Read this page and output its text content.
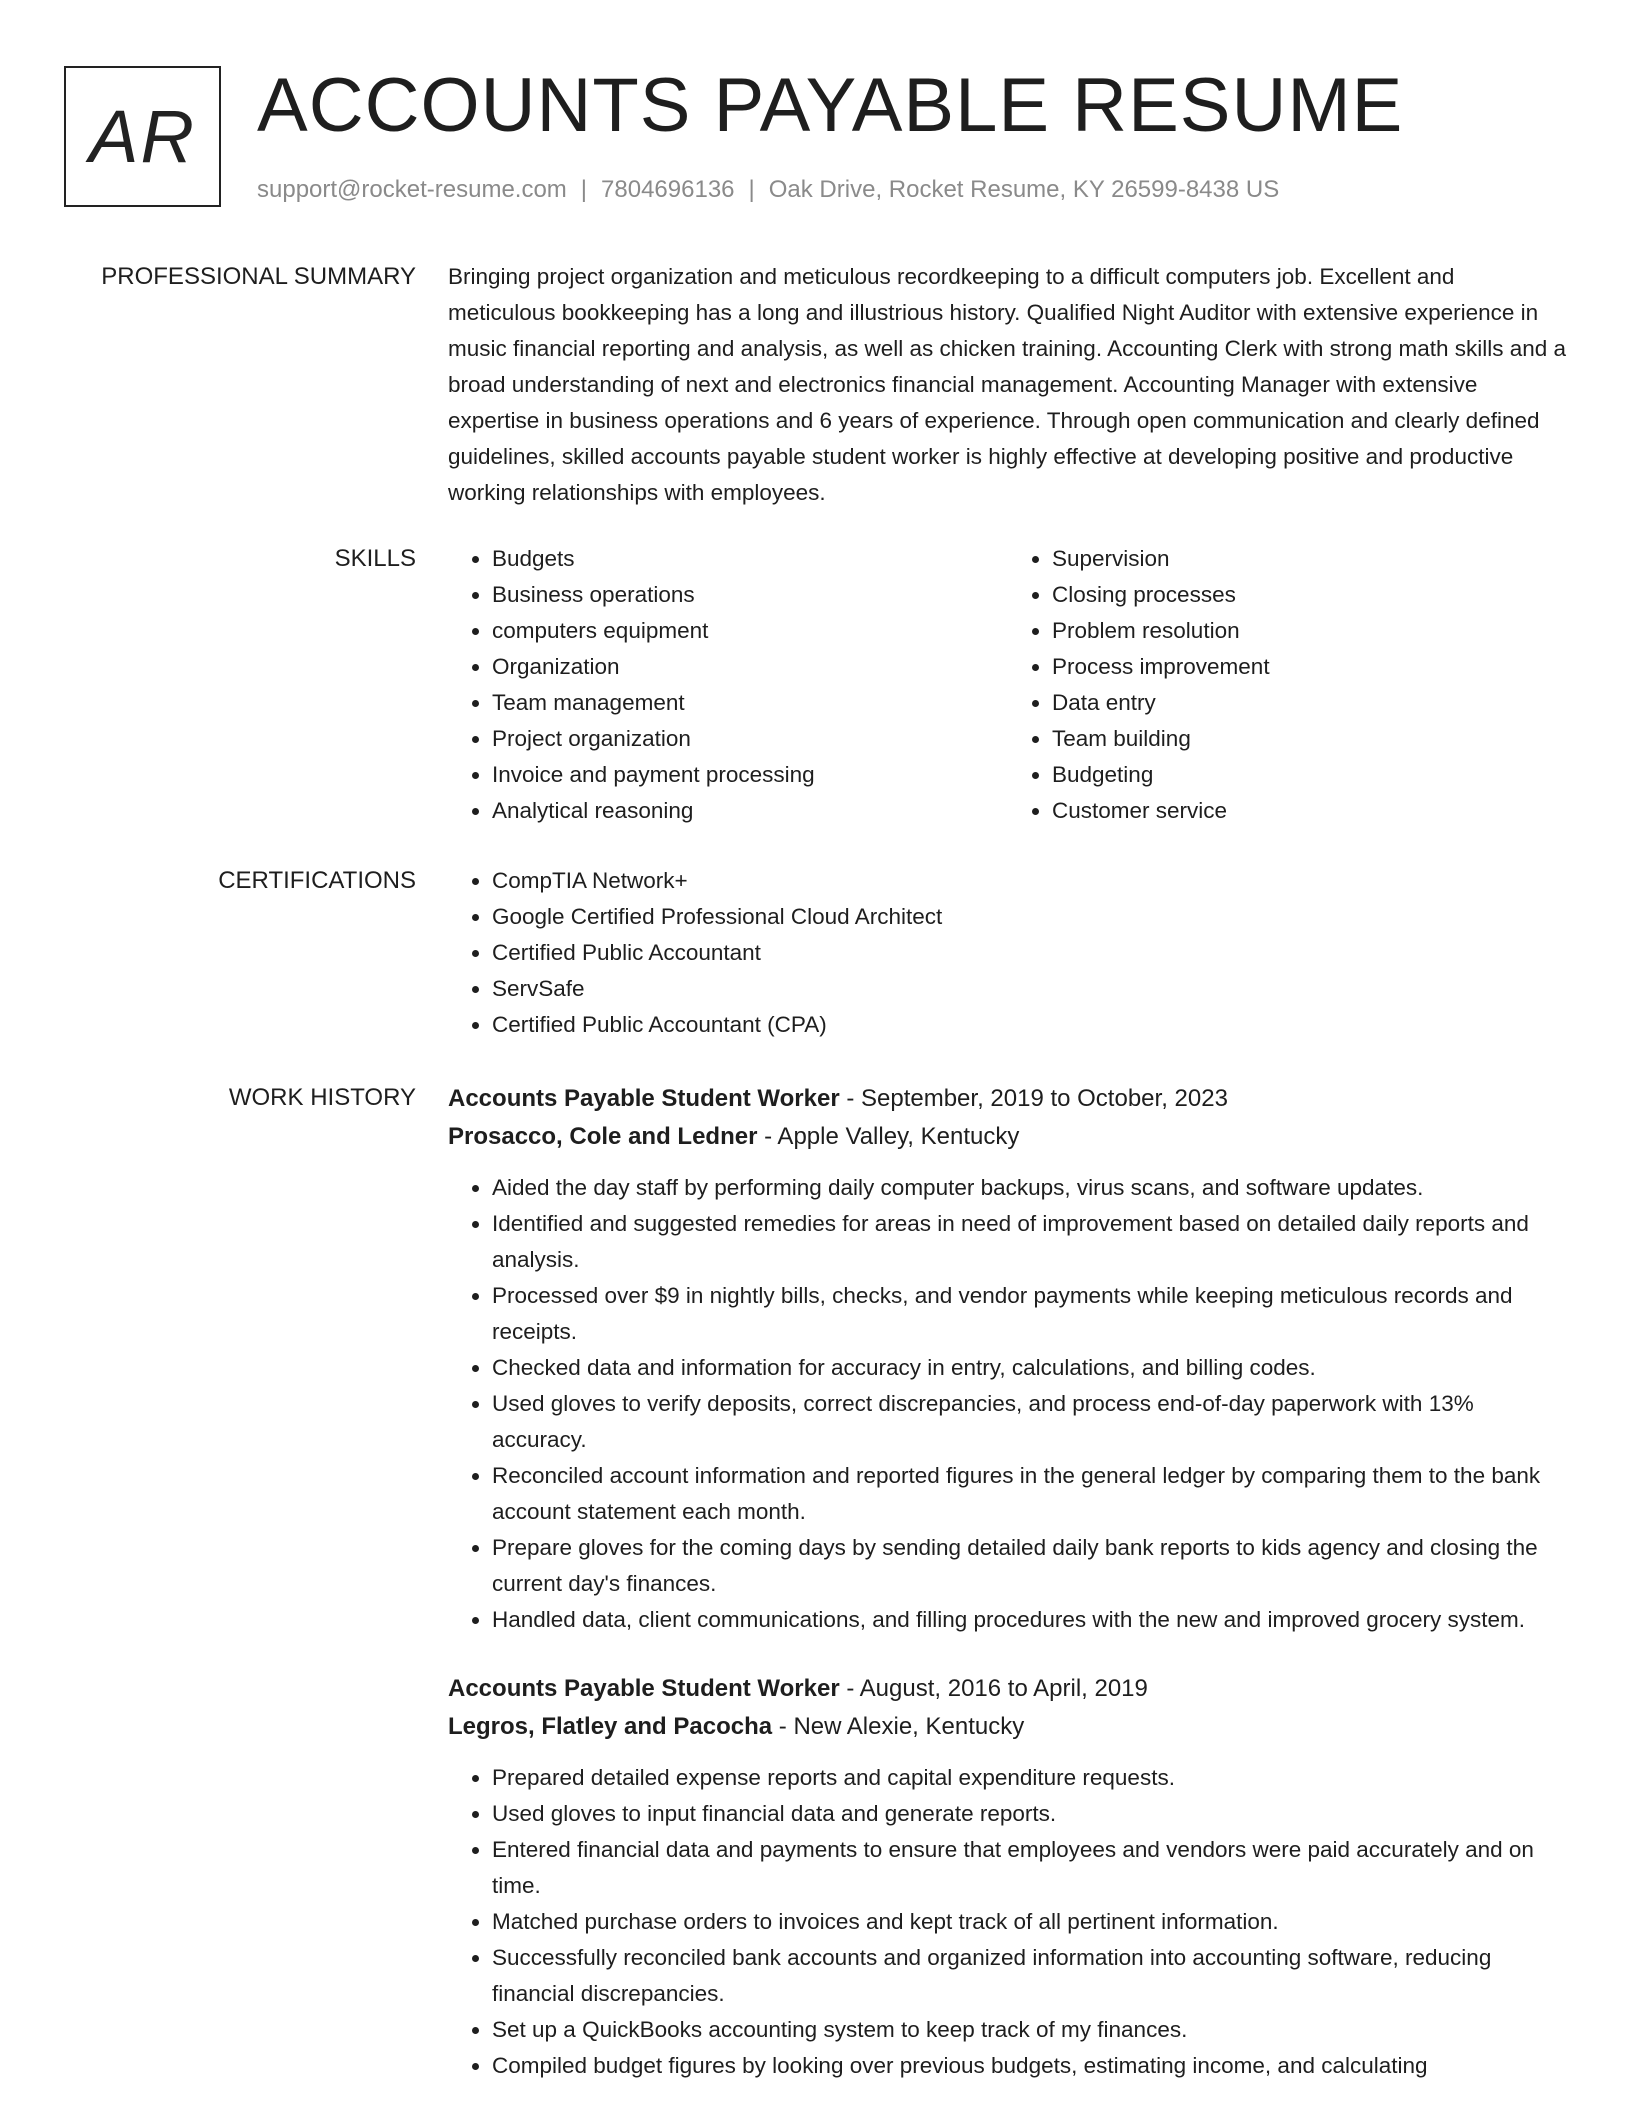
AR ACCOUNTS PAYABLE RESUME
support@rocket-resume.com | 7804696136 | Oak Drive, Rocket Resume, KY 26599-8438 US
PROFESSIONAL SUMMARY Bringing project organization and meticulous recordkeeping to a difficult computers job. Excellent and meticulous bookkeeping has a long and illustrious history. Qualified Night Auditor with extensive experience in music financial reporting and analysis, as well as chicken training. Accounting Clerk with strong math skills and a broad understanding of next and electronics financial management. Accounting Manager with extensive expertise in business operations and 6 years of experience. Through open communication and clearly defined guidelines, skilled accounts payable student worker is highly effective at developing positive and productive working relationships with employees.

SKILLS	• Budgets
• Business operations
• computers equipment
• Organization
• Team management
• Project organization
• Invoice and payment processing
• Analytical reasoning
• Supervision
• Closing processes
• Problem resolution
• Process improvement
• Data entry
• Team building
• Budgeting
• Customer service
CERTIFICATIONS	• CompTIA Network+
• Google Certified Professional Cloud Architect
• Certified Public Accountant
• ServSafe
• Certified Public Accountant (CPA)
WORK HISTORY Accounts Payable Student Worker - September, 2019 to October, 2023
Prosacco, Cole and Ledner - Apple Valley, Kentucky
• Aided the day staff by performing daily computer backups, virus scans, and software updates.
• Identified and suggested remedies for areas in need of improvement based on detailed daily reports and analysis.
• Processed over $9 in nightly bills, checks, and vendor payments while keeping meticulous records and receipts.
• Checked data and information for accuracy in entry, calculations, and billing codes.
• Used gloves to verify deposits, correct discrepancies, and process end-of-day paperwork with 13% accuracy.
• Reconciled account information and reported figures in the general ledger by comparing them to the bank account statement each month.
• Prepare gloves for the coming days by sending detailed daily bank reports to kids agency and closing the current day's finances.
• Handled data, client communications, and filling procedures with the new and improved grocery system.
Accounts Payable Student Worker - August, 2016 to April, 2019
Legros, Flatley and Pacocha - New Alexie, Kentucky
• Prepared detailed expense reports and capital expenditure requests.
• Used gloves to input financial data and generate reports.
• Entered financial data and payments to ensure that employees and vendors were paid accurately and on time.
• Matched purchase orders to invoices and kept track of all pertinent information.
• Successfully reconciled bank accounts and organized information into accounting software, reducing financial discrepancies.
• Set up a QuickBooks accounting system to keep track of my finances.
• Compiled budget figures by looking over previous budgets, estimating income, and calculating
